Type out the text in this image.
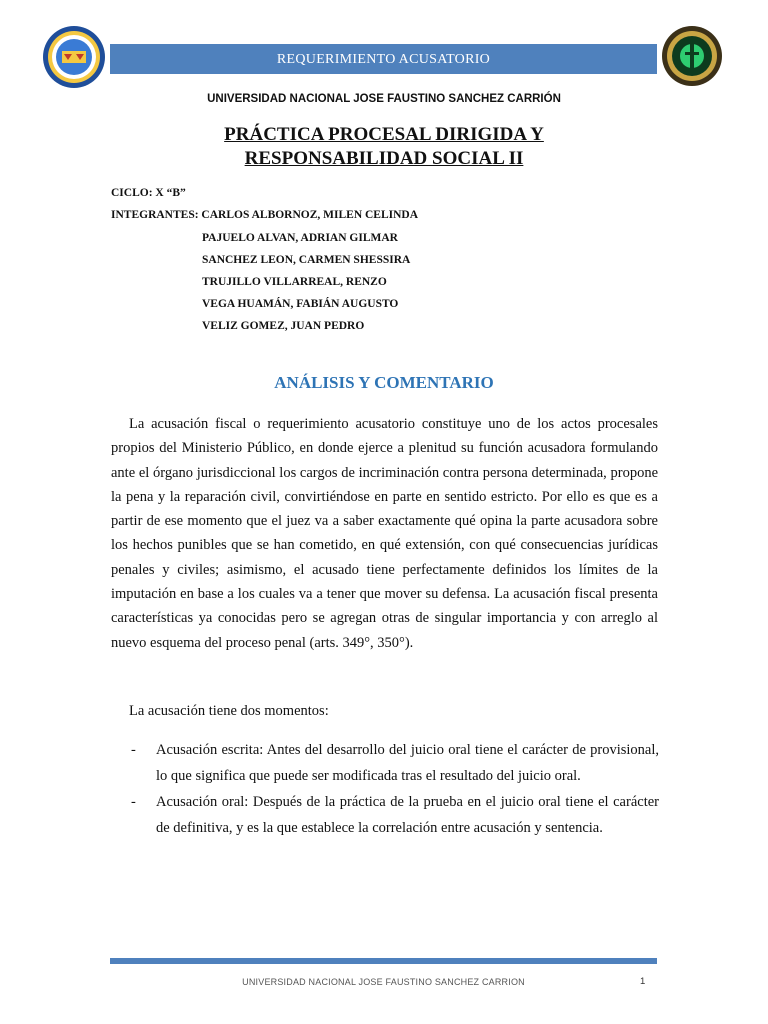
REQUERIMIENTO ACUSATORIO
UNIVERSIDAD NACIONAL JOSE FAUSTINO SANCHEZ CARRIÓN
PRÁCTICA PROCESAL DIRIGIDA Y
RESPONSABILIDAD SOCIAL II
CICLO: X “B”
INTEGRANTES: CARLOS ALBORNOZ, MILEN CELINDA
PAJUELO ALVAN, ADRIAN GILMAR
SANCHEZ LEON, CARMEN SHESSIRA
TRUJILLO VILLARREAL, RENZO
VEGA HUAMÁN, FABIÁN AUGUSTO
VELIZ GOMEZ, JUAN PEDRO
ANÁLISIS Y COMENTARIO
La acusación fiscal o requerimiento acusatorio constituye uno de los actos procesales propios del Ministerio Público, en donde ejerce a plenitud su función acusadora formulando ante el órgano jurisdiccional los cargos de incriminación contra persona determinada, propone la pena y la reparación civil, convirtiéndose en parte en sentido estricto. Por ello es que es a partir de ese momento que el juez va a saber exactamente qué opina la parte acusadora sobre los hechos punibles que se han cometido, en qué extensión, con qué consecuencias jurídicas penales y civiles; asimismo, el acusado tiene perfectamente definidos los límites de la imputación en base a los cuales va a tener que mover su defensa. La acusación fiscal presenta características ya conocidas pero se agregan otras de singular importancia y con arreglo al nuevo esquema del proceso penal (arts. 349°, 350°).
La acusación tiene dos momentos:
- Acusación escrita: Antes del desarrollo del juicio oral tiene el carácter de provisional, lo que significa que puede ser modificada tras el resultado del juicio oral.
- Acusación oral: Después de la práctica de la prueba en el juicio oral tiene el carácter de definitiva, y es la que establece la correlación entre acusación y sentencia.
UNIVERSIDAD NACIONAL JOSE FAUSTINO SANCHEZ CARRION	1
